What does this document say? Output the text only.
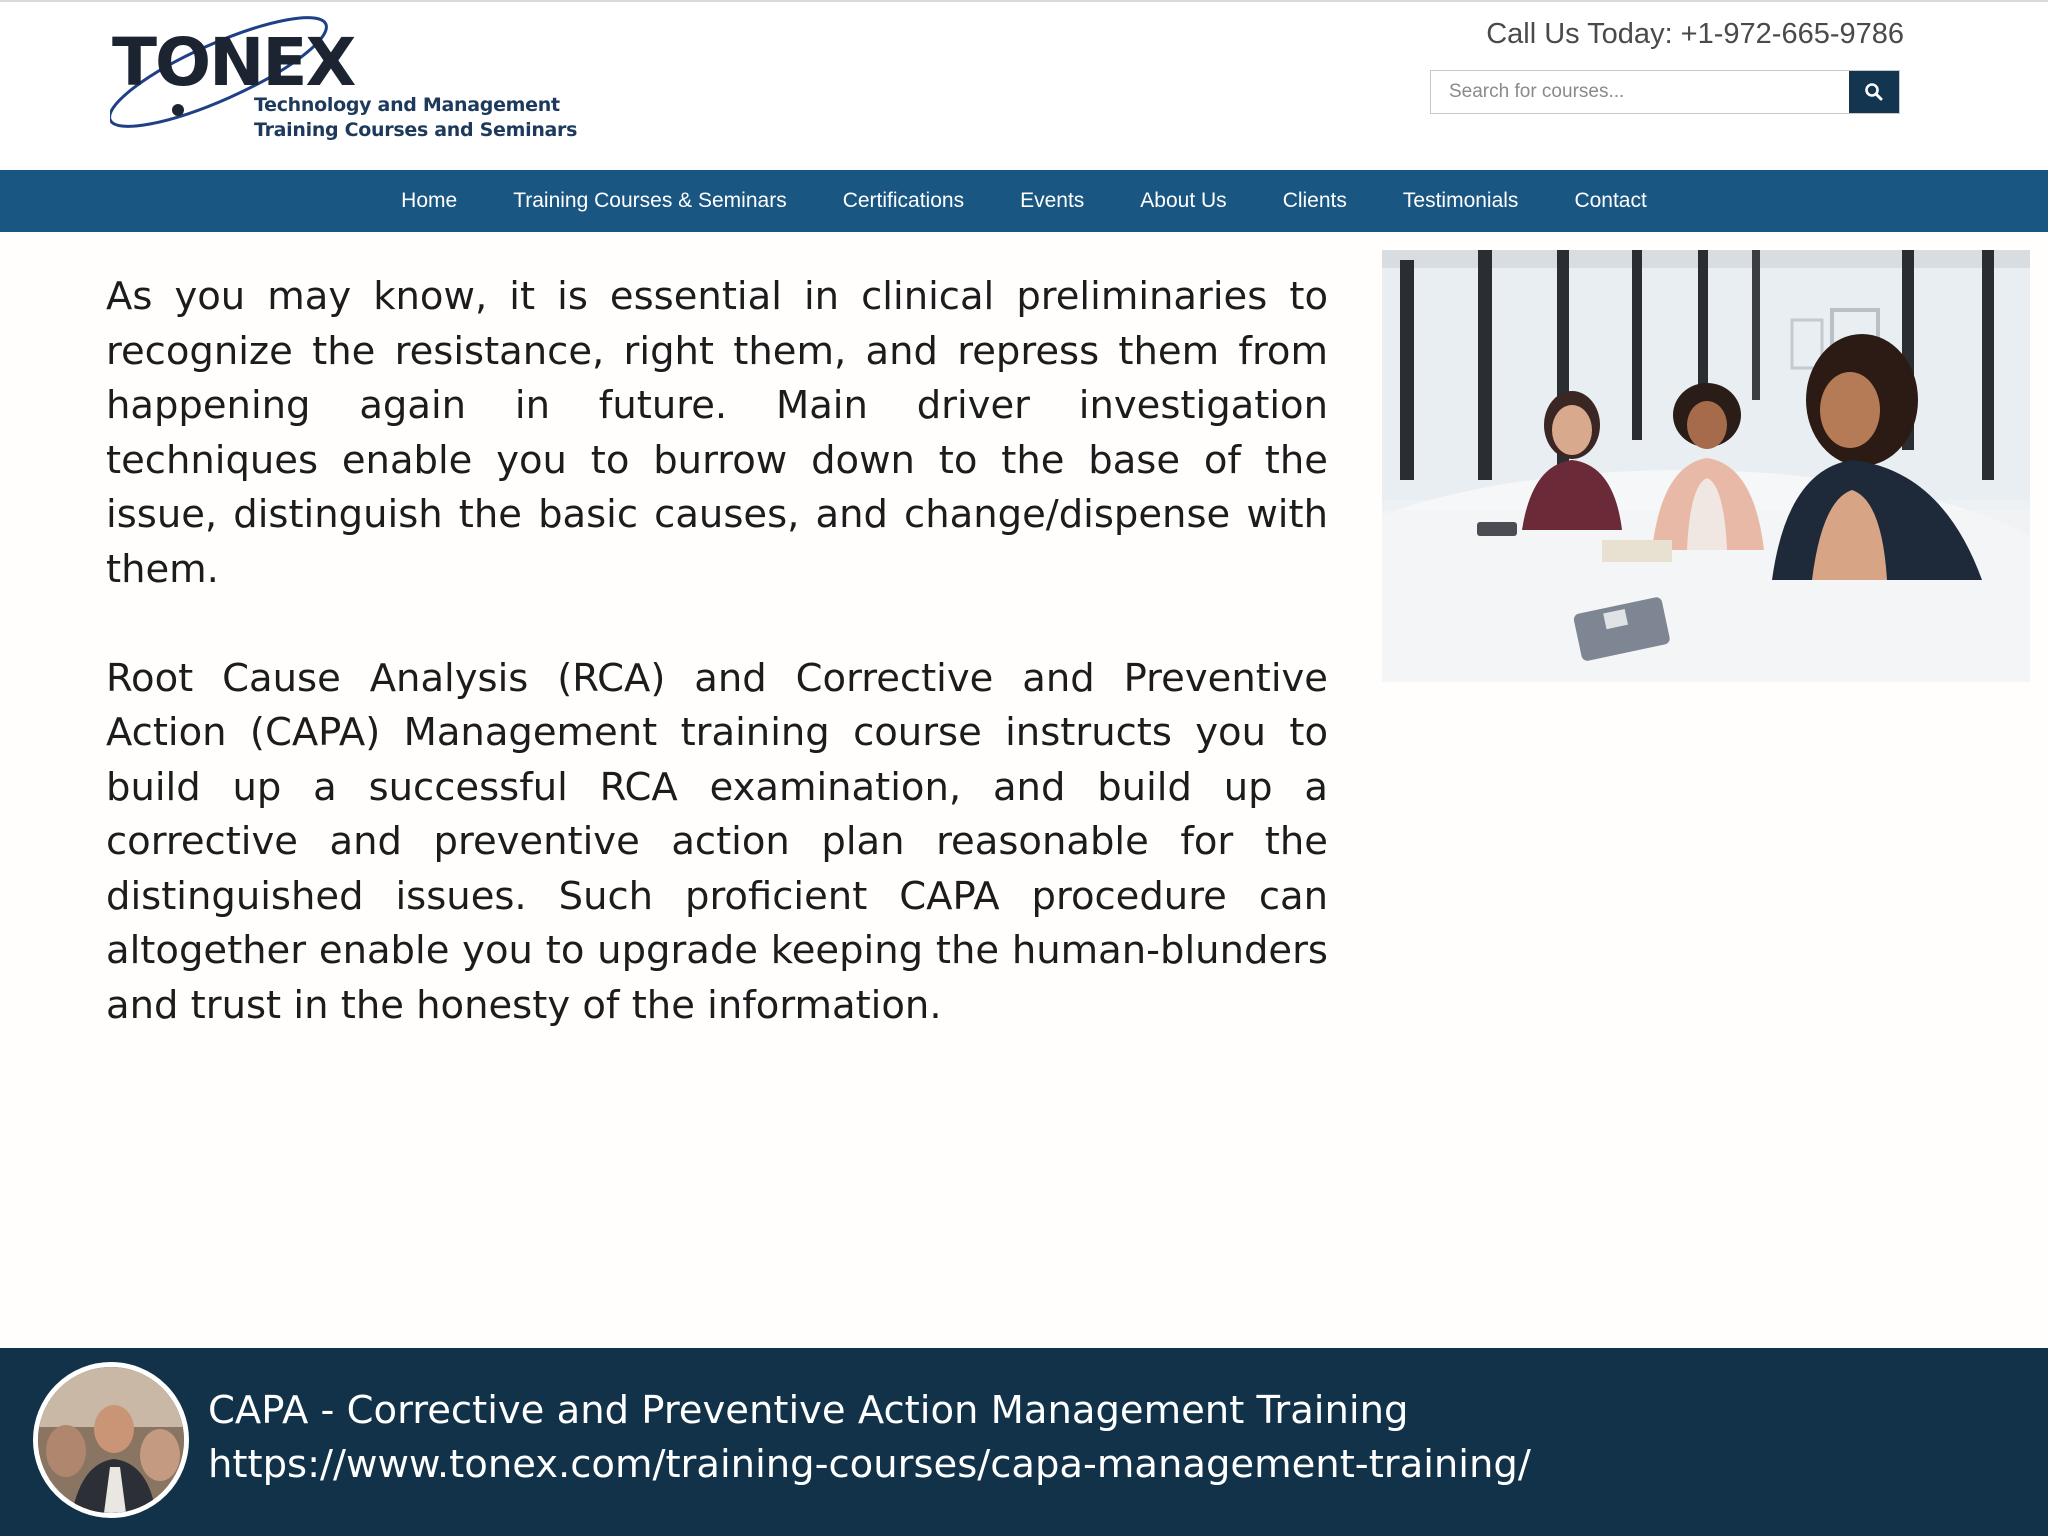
TONEX
Technology and Management
Training Courses and Seminars
Call Us Today: +1-972-665-9786
Search for courses...
Home	Training Courses & Seminars	Certifications	Events	About Us	Clients	Testimonials	Contact

As you may know, it is essential in clinical preliminaries to recognize the resistance, right them, and repress them from happening again in future. Main driver investigation techniques enable you to burrow down to the base of the issue, distinguish the basic causes, and change/dispense with them.

Root Cause Analysis (RCA) and Corrective and Preventive Action (CAPA) Management training course instructs you to build up a successful RCA examination, and build up a corrective and preventive action plan reasonable for the distinguished issues. Such proficient CAPA procedure can altogether enable you to upgrade keeping the human-blunders and trust in the honesty of the information.

CAPA - Corrective and Preventive Action Management Training
https://www.tonex.com/training-courses/capa-management-training/
